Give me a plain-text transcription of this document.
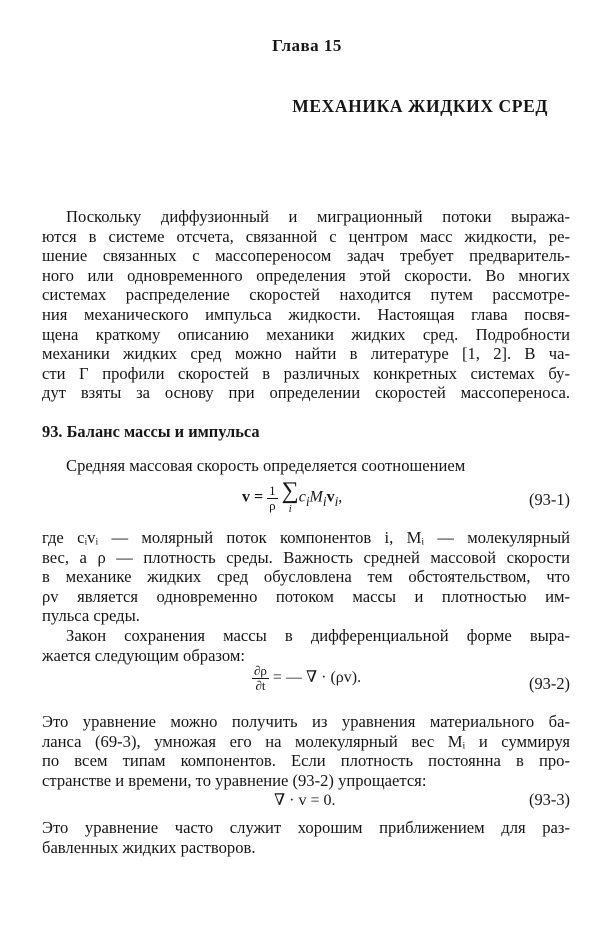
Глава 15
МЕХАНИКА ЖИДКИХ СРЕД

Поскольку диффузионный и миграционный потоки выража-
ются в системе отсчета, связанной с центром масс жидкости, ре-
шение связанных с массопереносом задач требует предваритель-
ного или одновременного определения этой скорости. Во многих
системах распределение скоростей находится путем рассмотре-
ния механического импульса жидкости. Настоящая глава посвя-
щена краткому описанию механики жидких сред. Подробности
механики жидких сред можно найти в литературе [1, 2]. В ча-
сти Г профили скоростей в различных конкретных системах бу-
дут взяты за основу при определении скоростей массопереноса.

93. Баланс массы и импульса

Средняя массовая скорость определяется соотношением

$v = \frac{1}{\rho}$
∑
i
$c_iM_iv_i$,	(93-1)

где cᵢvᵢ — молярный поток компонентов i, Mᵢ — молекулярный
вес, а ρ — плотность среды. Важность средней массовой скорости
в механике жидких сред обусловлена тем обстоятельством, что
ρv является одновременно потоком массы и плотностью им-
пульса среды.

Закон сохранения массы в дифференциальной форме выра-
жается следующим образом:

$\frac{\partial\rho}{\partial t}$ = — ∇ · (ρv).	(93-2)

Это уравнение можно получить из уравнения материального ба-
ланса (69-3), умножая его на молекулярный вес Mᵢ и суммируя
по всем типам компонентов. Если плотность постоянна в про-
странстве и времени, то уравнение (93-2) упрощается:

∇ · v = 0.	(93-3)

Это уравнение часто служит хорошим приближением для раз-
бавленных жидких растворов.
